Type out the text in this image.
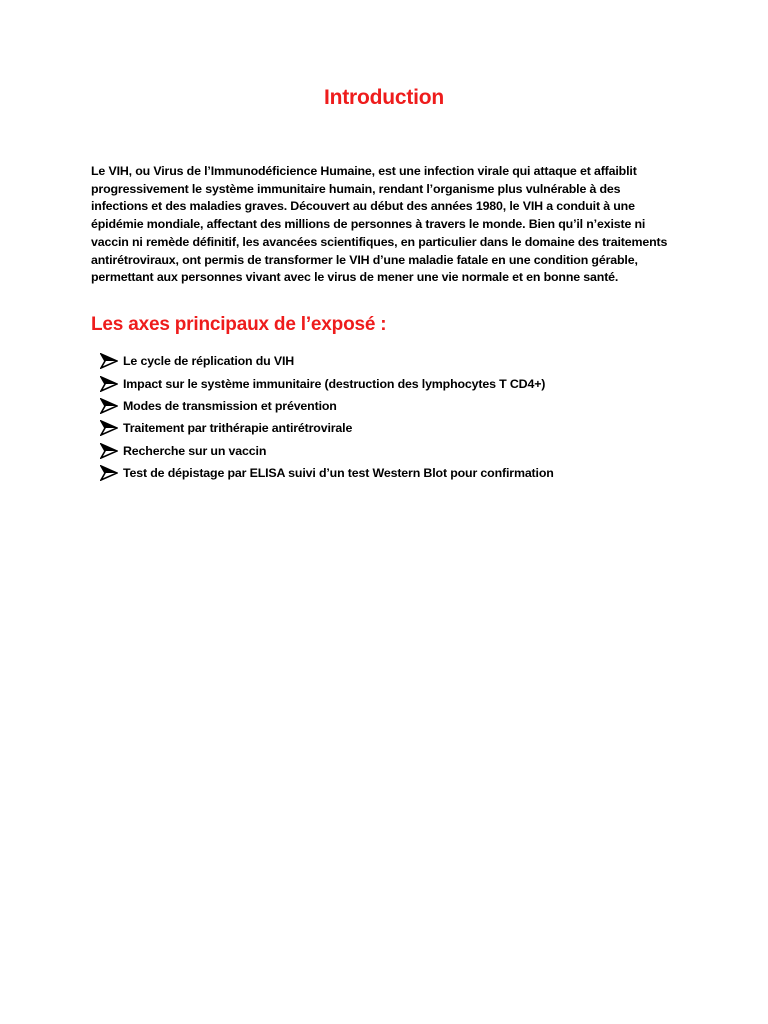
Introduction

Le VIH, ou Virus de l’Immunodéficience Humaine, est une infection virale qui attaque et affaiblit progressivement le système immunitaire humain, rendant l’organisme plus vulnérable à des infections et des maladies graves. Découvert au début des années 1980, le VIH a conduit à une épidémie mondiale, affectant des millions de personnes à travers le monde. Bien qu’il n’existe ni vaccin ni remède définitif, les avancées scientifiques, en particulier dans le domaine des traitements antirétroviraux, ont permis de transformer le VIH d’une maladie fatale en une condition gérable, permettant aux personnes vivant avec le virus de mener une vie normale et en bonne santé.

Les axes principaux de l’exposé :
Le cycle de réplication du VIH
Impact sur le système immunitaire (destruction des lymphocytes T CD4+)
Modes de transmission et prévention
Traitement par trithérapie antirétrovirale
Recherche sur un vaccin
Test de dépistage par ELISA suivi d’un test Western Blot pour confirmation
